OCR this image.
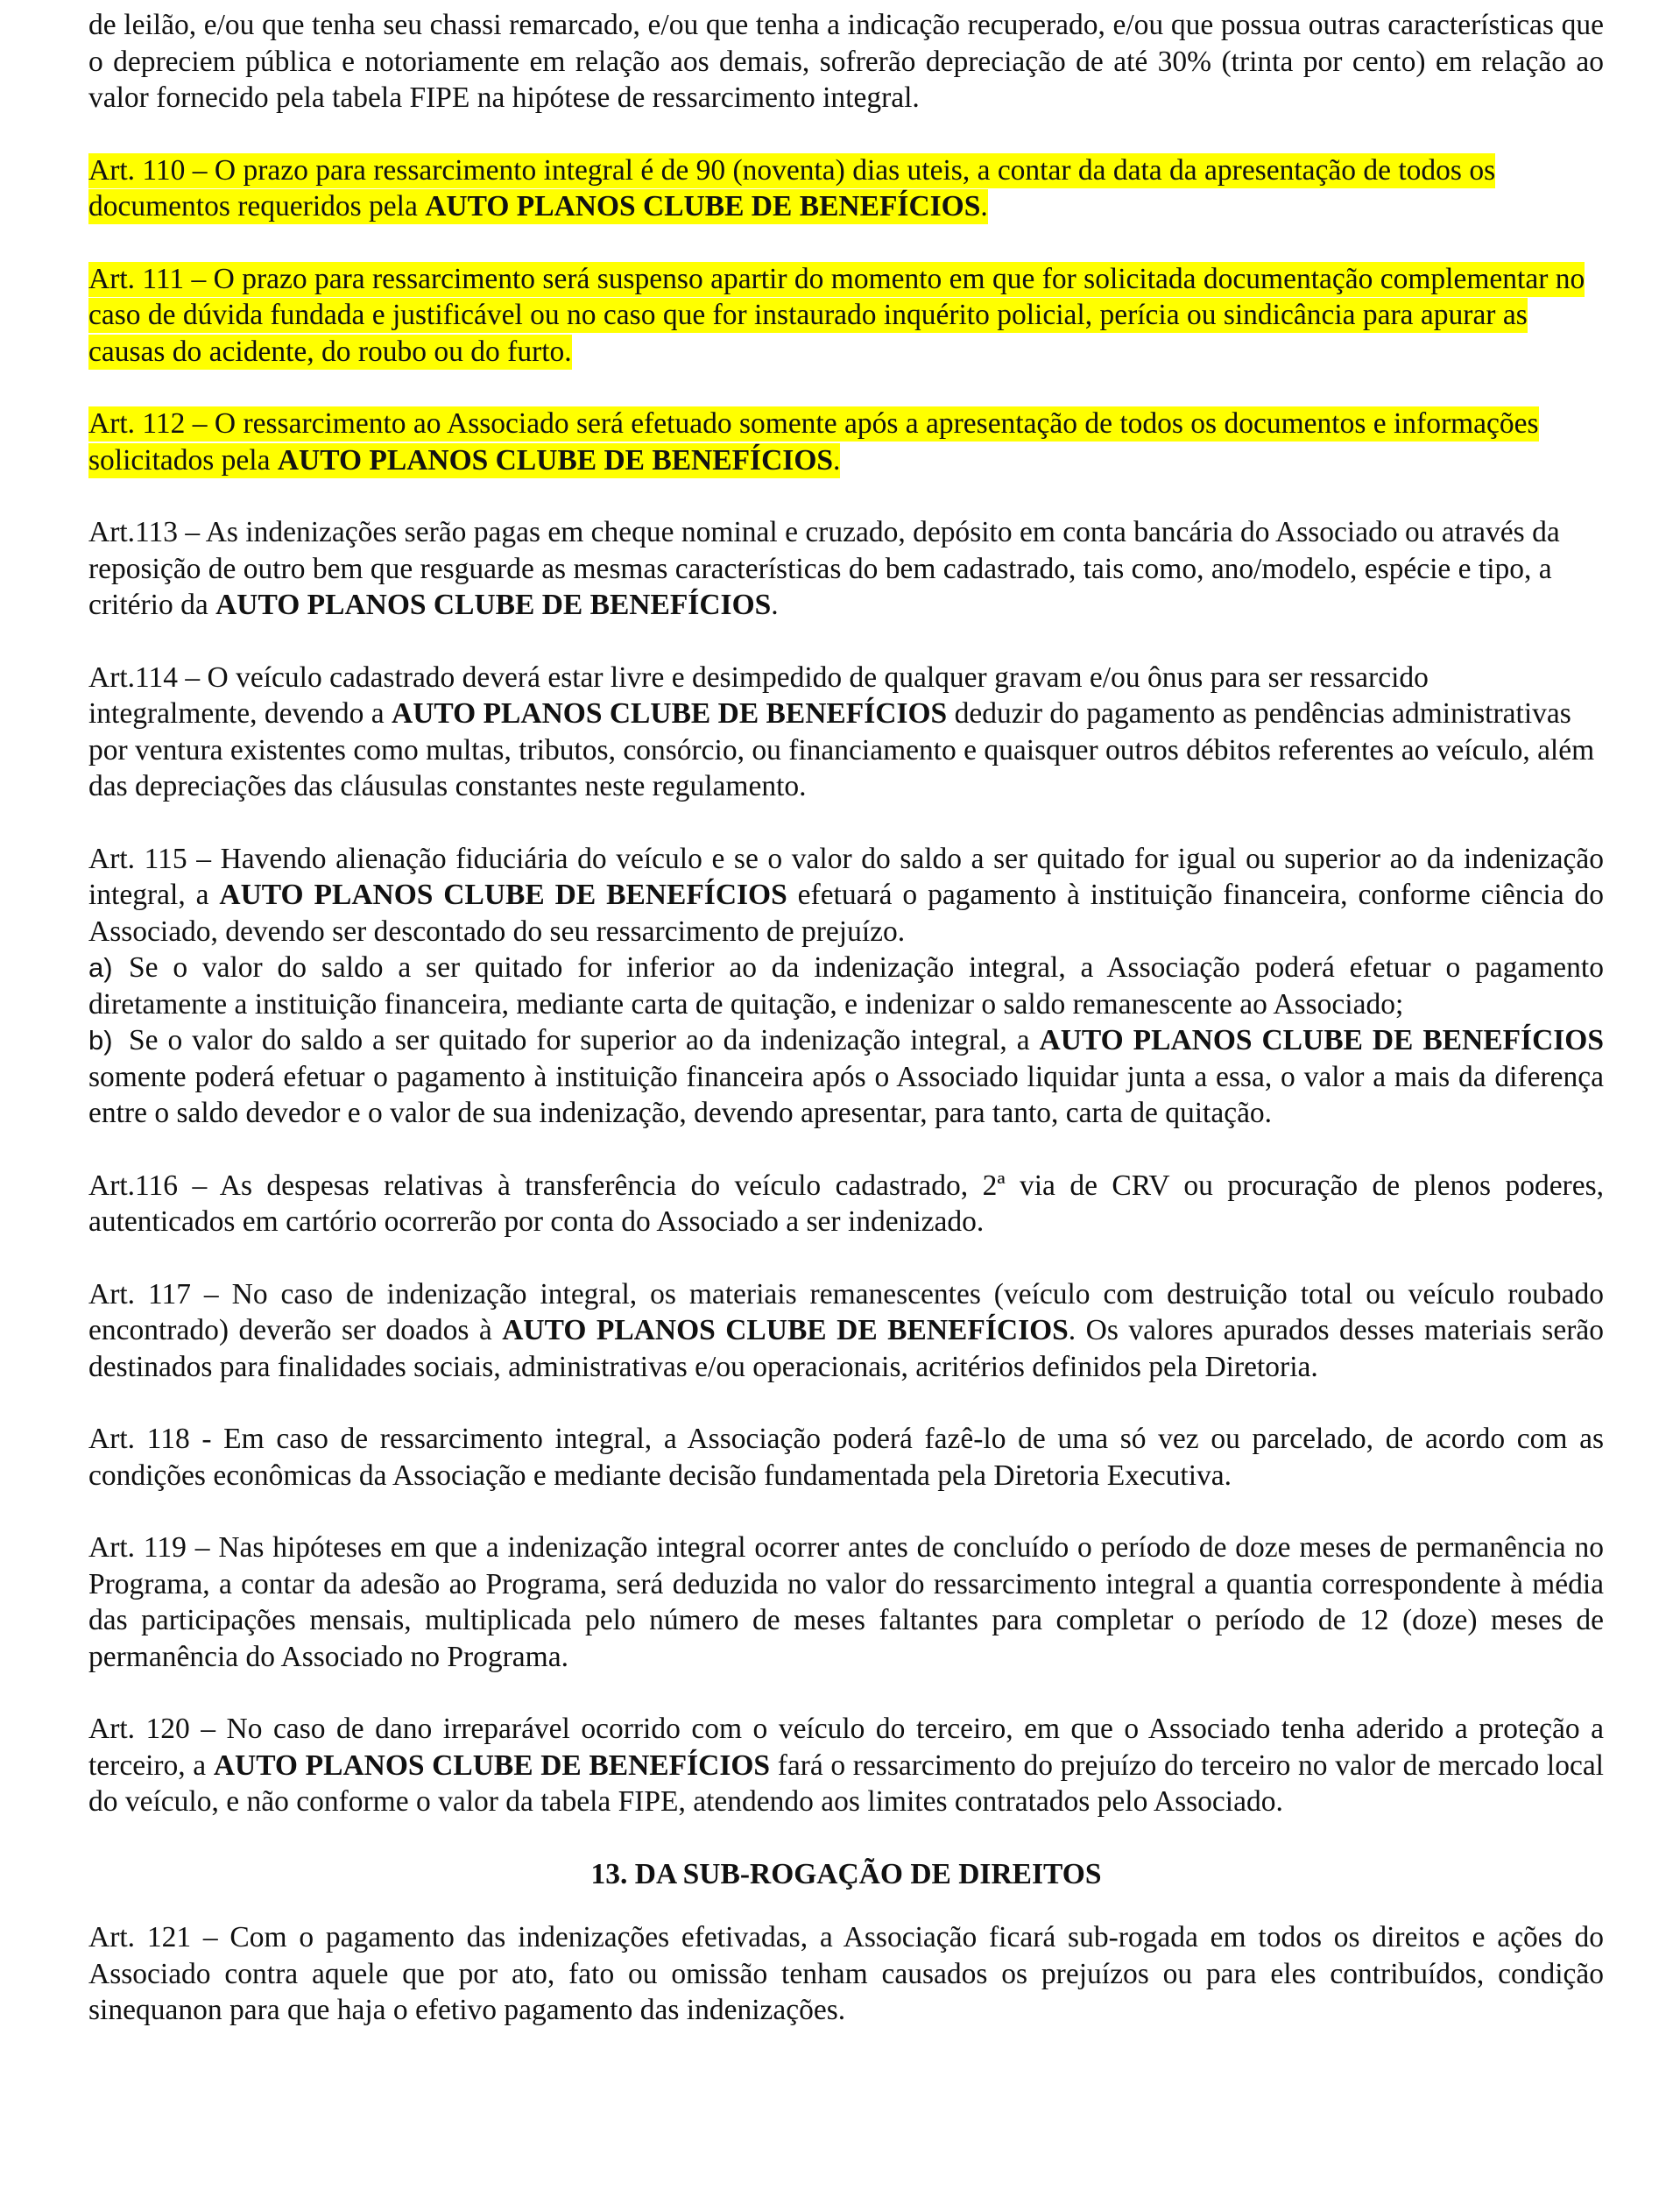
de leilão, e/ou que tenha seu chassi remarcado, e/ou que tenha a indicação recuperado, e/ou que possua outras características que o depreciem pública e notoriamente em relação aos demais, sofrerão depreciação de até 30% (trinta por cento) em relação ao valor fornecido pela tabela FIPE na hipótese de ressarcimento integral.

Art. 110 – O prazo para ressarcimento integral é de 90 (noventa) dias uteis, a contar da data da apresentação de todos os documentos requeridos pela AUTO PLANOS CLUBE DE BENEFÍCIOS.

Art. 111 – O prazo para ressarcimento será suspenso apartir do momento em que for solicitada documentação complementar no caso de dúvida fundada e justificável ou no caso que for instaurado inquérito policial, perícia ou sindicância para apurar as causas do acidente, do roubo ou do furto.

Art. 112 – O ressarcimento ao Associado será efetuado somente após a apresentação de todos os documentos e informações solicitados pela AUTO PLANOS CLUBE DE BENEFÍCIOS.

Art.113 – As indenizações serão pagas em cheque nominal e cruzado, depósito em conta bancária do Associado ou através da reposição de outro bem que resguarde as mesmas características do bem cadastrado, tais como, ano/modelo, espécie e tipo, a critério da AUTO PLANOS CLUBE DE BENEFÍCIOS.

Art.114 – O veículo cadastrado deverá estar livre e desimpedido de qualquer gravam e/ou ônus para ser ressarcido integralmente, devendo a AUTO PLANOS CLUBE DE BENEFÍCIOS deduzir do pagamento as pendências administrativas por ventura existentes como multas, tributos, consórcio, ou financiamento e quaisquer outros débitos referentes ao veículo, além das depreciações das cláusulas constantes neste regulamento.

Art. 115 – Havendo alienação fiduciária do veículo e se o valor do saldo a ser quitado for igual ou superior ao da indenização integral, a AUTO PLANOS CLUBE DE BENEFÍCIOS efetuará o pagamento à instituição financeira, conforme ciência do Associado, devendo ser descontado do seu ressarcimento de prejuízo.

a) Se o valor do saldo a ser quitado for inferior ao da indenização integral, a Associação poderá efetuar o pagamento diretamente a instituição financeira, mediante carta de quitação, e indenizar o saldo remanescente ao Associado;

b) Se o valor do saldo a ser quitado for superior ao da indenização integral, a AUTO PLANOS CLUBE DE BENEFÍCIOS somente poderá efetuar o pagamento à instituição financeira após o Associado liquidar junta a essa, o valor a mais da diferença entre o saldo devedor e o valor de sua indenização, devendo apresentar, para tanto, carta de quitação.

Art.116 – As despesas relativas à transferência do veículo cadastrado, 2ª via de CRV ou procuração de plenos poderes, autenticados em cartório ocorrerão por conta do Associado a ser indenizado.

Art. 117 – No caso de indenização integral, os materiais remanescentes (veículo com destruição total ou veículo roubado encontrado) deverão ser doados à AUTO PLANOS CLUBE DE BENEFÍCIOS. Os valores apurados desses materiais serão destinados para finalidades sociais, administrativas e/ou operacionais, acritérios definidos pela Diretoria.

Art. 118 - Em caso de ressarcimento integral, a Associação poderá fazê-lo de uma só vez ou parcelado, de acordo com as condições econômicas da Associação e mediante decisão fundamentada pela Diretoria Executiva.

Art. 119 – Nas hipóteses em que a indenização integral ocorrer antes de concluído o período de doze meses de permanência no Programa, a contar da adesão ao Programa, será deduzida no valor do ressarcimento integral a quantia correspondente à média das participações mensais, multiplicada pelo número de meses faltantes para completar o período de 12 (doze) meses de permanência do Associado no Programa.

Art. 120 – No caso de dano irreparável ocorrido com o veículo do terceiro, em que o Associado tenha aderido a proteção a terceiro, a AUTO PLANOS CLUBE DE BENEFÍCIOS fará o ressarcimento do prejuízo do terceiro no valor de mercado local do veículo, e não conforme o valor da tabela FIPE, atendendo aos limites contratados pelo Associado.

13. DA SUB-ROGAÇÃO DE DIREITOS

Art. 121 – Com o pagamento das indenizações efetivadas, a Associação ficará sub-rogada em todos os direitos e ações do Associado contra aquele que por ato, fato ou omissão tenham causados os prejuízos ou para eles contribuídos, condição sinequanon para que haja o efetivo pagamento das indenizações.
